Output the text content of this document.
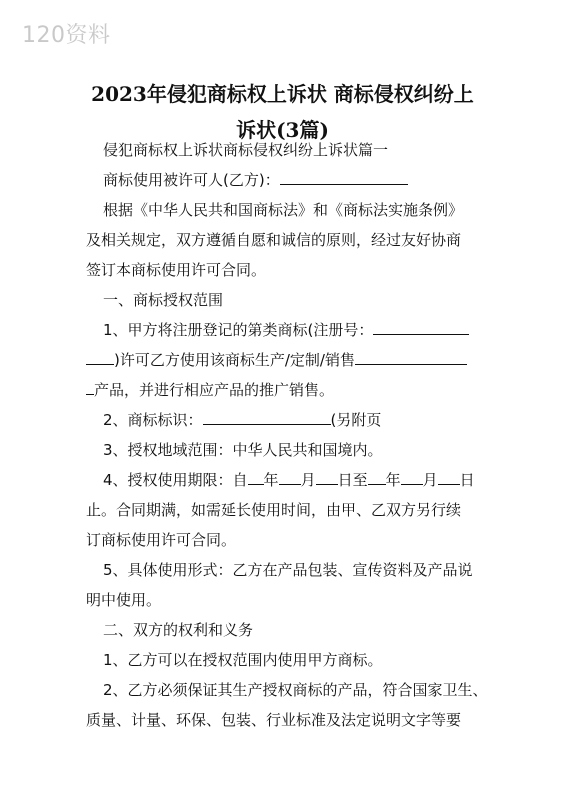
120资料
2023年侵犯商标权上诉状 商标侵权纠纷上
诉状(3篇)
侵犯商标权上诉状商标侵权纠纷上诉状篇一
商标使用被许可人(乙方)：
根据《中华人民共和国商标法》和《商标法实施条例》
及相关规定，双方遵循自愿和诚信的原则，经过友好协商
签订本商标使用许可合同。
一、商标授权范围
1、甲方将注册登记的第类商标(注册号：
)许可乙方使用该商标生产/定制/销售
产品，并进行相应产品的推广销售。
2、商标标识：	(另附页
3、授权地域范围：中华人民共和国境内。
4、授权使用期限：自 年 月 日至 年 月 日
止。合同期满，如需延长使用时间，由甲、乙双方另行续
订商标使用许可合同。
5、具体使用形式：乙方在产品包装、宣传资料及产品说
明中使用。
二、双方的权利和义务
1、乙方可以在授权范围内使用甲方商标。
2、乙方必须保证其生产授权商标的产品，符合国家卫生、
质量、计量、环保、包装、行业标准及法定说明文字等要
